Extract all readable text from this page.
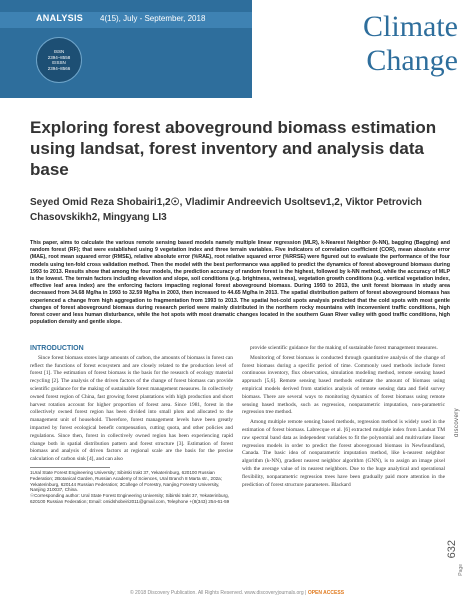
ANALYSIS 4(15), July - September, 2018
ISSN
2394–8558
EISSN
2394–8566
Climate
Change
Exploring forest aboveground biomass estimation using landsat, forest inventory and analysis data base
Seyed Omid Reza Shobairi1,2☉, Vladimir Andreevich Usoltsev1,2, Viktor Petrovich Chasovskikh2, Mingyang LI3
This paper, aims to calculate the various remote sensing based models namely multiple linear regression (MLR), k-Nearest Neighbor (k-NN), bagging (Bagging) and random forest (RF); that were established using 9 vegetation index and three terrain variables. Five indicators of correlation coefficient (COR), mean absolute error (MAE), root mean squared error (RMSE), relative absolute error (%RAE), root relative squared error (%RRSE) were figured out to evaluate the performance of the four models using ten-fold cross validation method. Then the model with the best performance was applied to predict the dynamics of forest aboveground biomass during 1993 to 2013. Results show that among the four models, the prediction accuracy of random forest is the highest, followed by k-NN method, while the accuracy of MLP is the lowest. The terrain factors including elevation and slope, soil conditions (e.g. brightness, wetness), vegetation growth conditions (e.g. vertical vegetation index, effective leaf area index) are the enforcing factors impacting regional forest aboveground biomass. During 1993 to 2013, the unit forest biomass in study area decreased from 34.68 Mg/ha in 1993 to 32.59 Mg/ha in 2003, then increased to 44.65 Mg/ha in 2013. The spatial distribution pattern of forest aboveground biomass has experienced a change from high aggregation to fragmentation from 1993 to 2013. The spatial hot-cold spots analysis predicted that the cold spots with most gentle changes of forest aboveground biomass during research period were mainly distributed in the northern rocky mountains with inconvenient traffic conditions, high forest cover and less human disturbance, while the hot spots with most dramatic changes located in the southern Guan River valley with good traffic conditions, high population density and gentle slope.
INTRODUCTION

Since forest biomass stores large amounts of carbon, the amounts of biomass in forest can reflect the functions of forest ecosystem and are closely related to the production level of forest [1]. The estimation of forest biomass is the basis for the research of ecology material recycling [2]. The analysis of the driven factors of the change of forest biomass can provide scientific guidance for the making of sustainable forest management measures. In collectively owned forest region of China, fast growing forest plantations with high production and short harvest rotation account for higher proportion of forest area. Since 1981, forest in the collectively owned forest region has been divided into small plots and allocated to the management unit of household. Therefore, forest management levels have been greatly impacted by forest ecological benefit compensation, cutting quota, and other policies and regulations. Since then, forest in collectively owned region has been experiencing rapid change both in spatial distribution pattern and forest structure [3]. Estimation of forest biomass and analysis of driven factors at regional scale are the basis for the precise calculation of carbon sink [4], and can also

1Ural State Forest Engineering University; Sibirski trakt 37, Yekaterinburg, 620100 Russian Federation; 2Botanical Garden, Russian Academy of Sciences, Ural Branch 8 Marta str., 202a; Yekaterinburg, 620144 Russian Federation; 3College of Forestry, Nanjing Forestry University, Nanjing 210037, China.

☉Corresponding author: Ural State Forest Engineering University; Sibirski trakt 37, Yekaterinburg, 620100 Russian Federation; Email: omidshobeiri2011@gmail.com, Telephone +(8(343) 254-61-59

provide scientific guidance for the making of sustainable forest management measures.

Monitoring of forest biomass is conducted through quantitative analysis of the change of forest biomass during a specific period of time. Commonly used methods include forest continuous inventory, flux observation, simulation modeling method, remote sensing based approach [5,6]. Remote sensing based methods estimate the amount of biomass using empirical models derived from statistics analysis of remote sensing data and field survey biomass. There are several ways to monitoring dynamics of forest biomass using remote sensing based methods, such as regression, nonparametric imputation, non-parametric regression tree method.

Among multiple remote sensing based methods, regression method is widely used in the estimation of forest biomass. Labrecque et al. [6] extracted multiple index from Landsat TM raw spectral band data as independent variables to fit the polynomial and multivariate linear regression models in order to predict the forest aboveground biomass in Newfoundland, Canada. The basic idea of nonparametric imputation method, like k-nearest neighbor algorithm (k-NN), gradient nearest neighbor algorithm (GNN), is to assign an image pixel with the average value of its nearest neighbors. Due to the huge analytical and operational flexibility, nonparametric regression trees have been gradually paid more attention in the prediction of forest structure parameters. Blackard

discovery
632
Page
© 2018 Discovery Publication. All Rights Reserved. www.discoveryjournals.org | OPEN ACCESS
